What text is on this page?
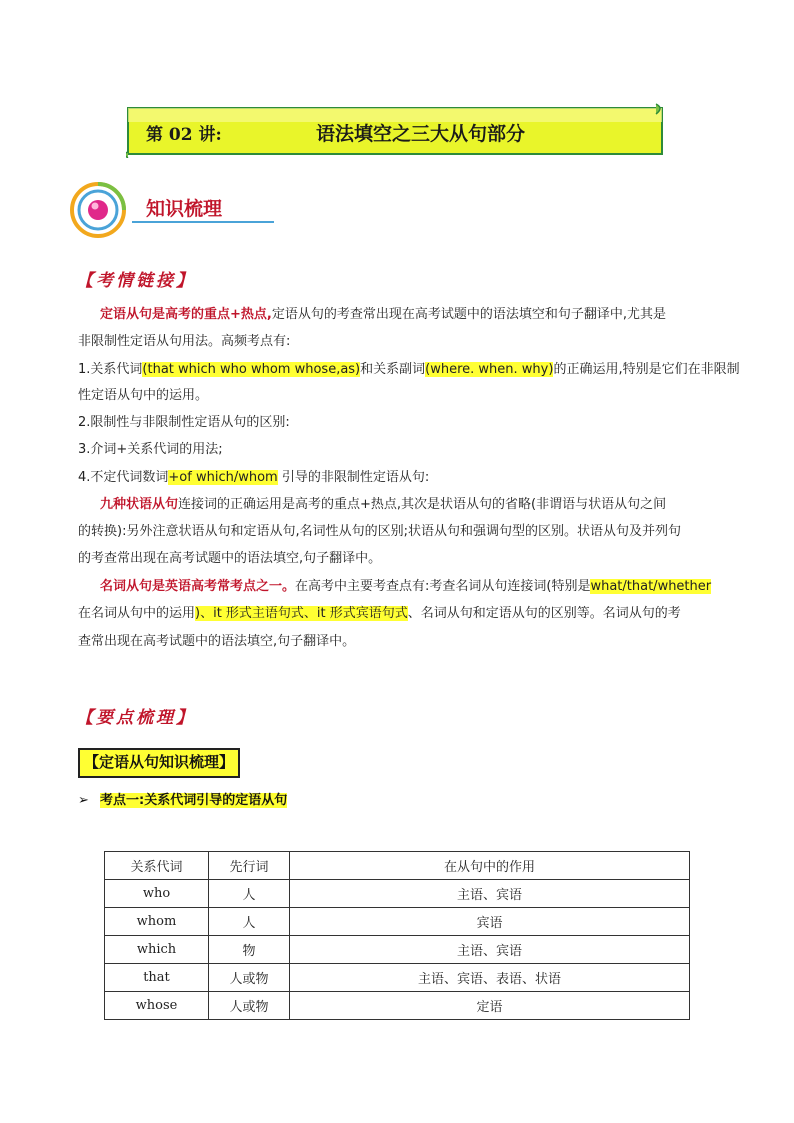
第 02 讲:	语法填空之三大从句部分
知识梳理
【考情链接】
定语从句是高考的重点+热点,定语从句的考查常出现在高考试题中的语法填空和句子翻译中,尤其是
非限制性定语从句用法。高频考点有:
1.关系代词(that which who whom whose,as)和关系副词(where. when. why)的正确运用,特别是它们在非限制
性定语从句中的运用。
2.限制性与非限制性定语从句的区别:
3.介词+关系代词的用法;
4.不定代词数词+of which/whom 引导的非限制性定语从句:
九种状语从句连接词的正确运用是高考的重点+热点,其次是状语从句的省略(非谓语与状语从句之间
的转换):另外注意状语从句和定语从句,名词性从句的区别;状语从句和强调句型的区别。状语从句及并列句
的考查常出现在高考试题中的语法填空,句子翻译中。
名词从句是英语高考常考点之一。在高考中主要考查点有:考查名词从句连接词(特别是what/that/whether
在名词从句中的运用)、it 形式主语句式、it 形式宾语句式、名词从句和定语从句的区别等。名词从句的考
查常出现在高考试题中的语法填空,句子翻译中。
【要点梳理】
【定语从句知识梳理】
➢ 考点一:关系代词引导的定语从句
关系代词	先行词	在从句中的作用
who	人	主语、宾语
whom	人	宾语
which	物	主语、宾语
that	人或物	主语、宾语、表语、状语
whose	人或物	定语
